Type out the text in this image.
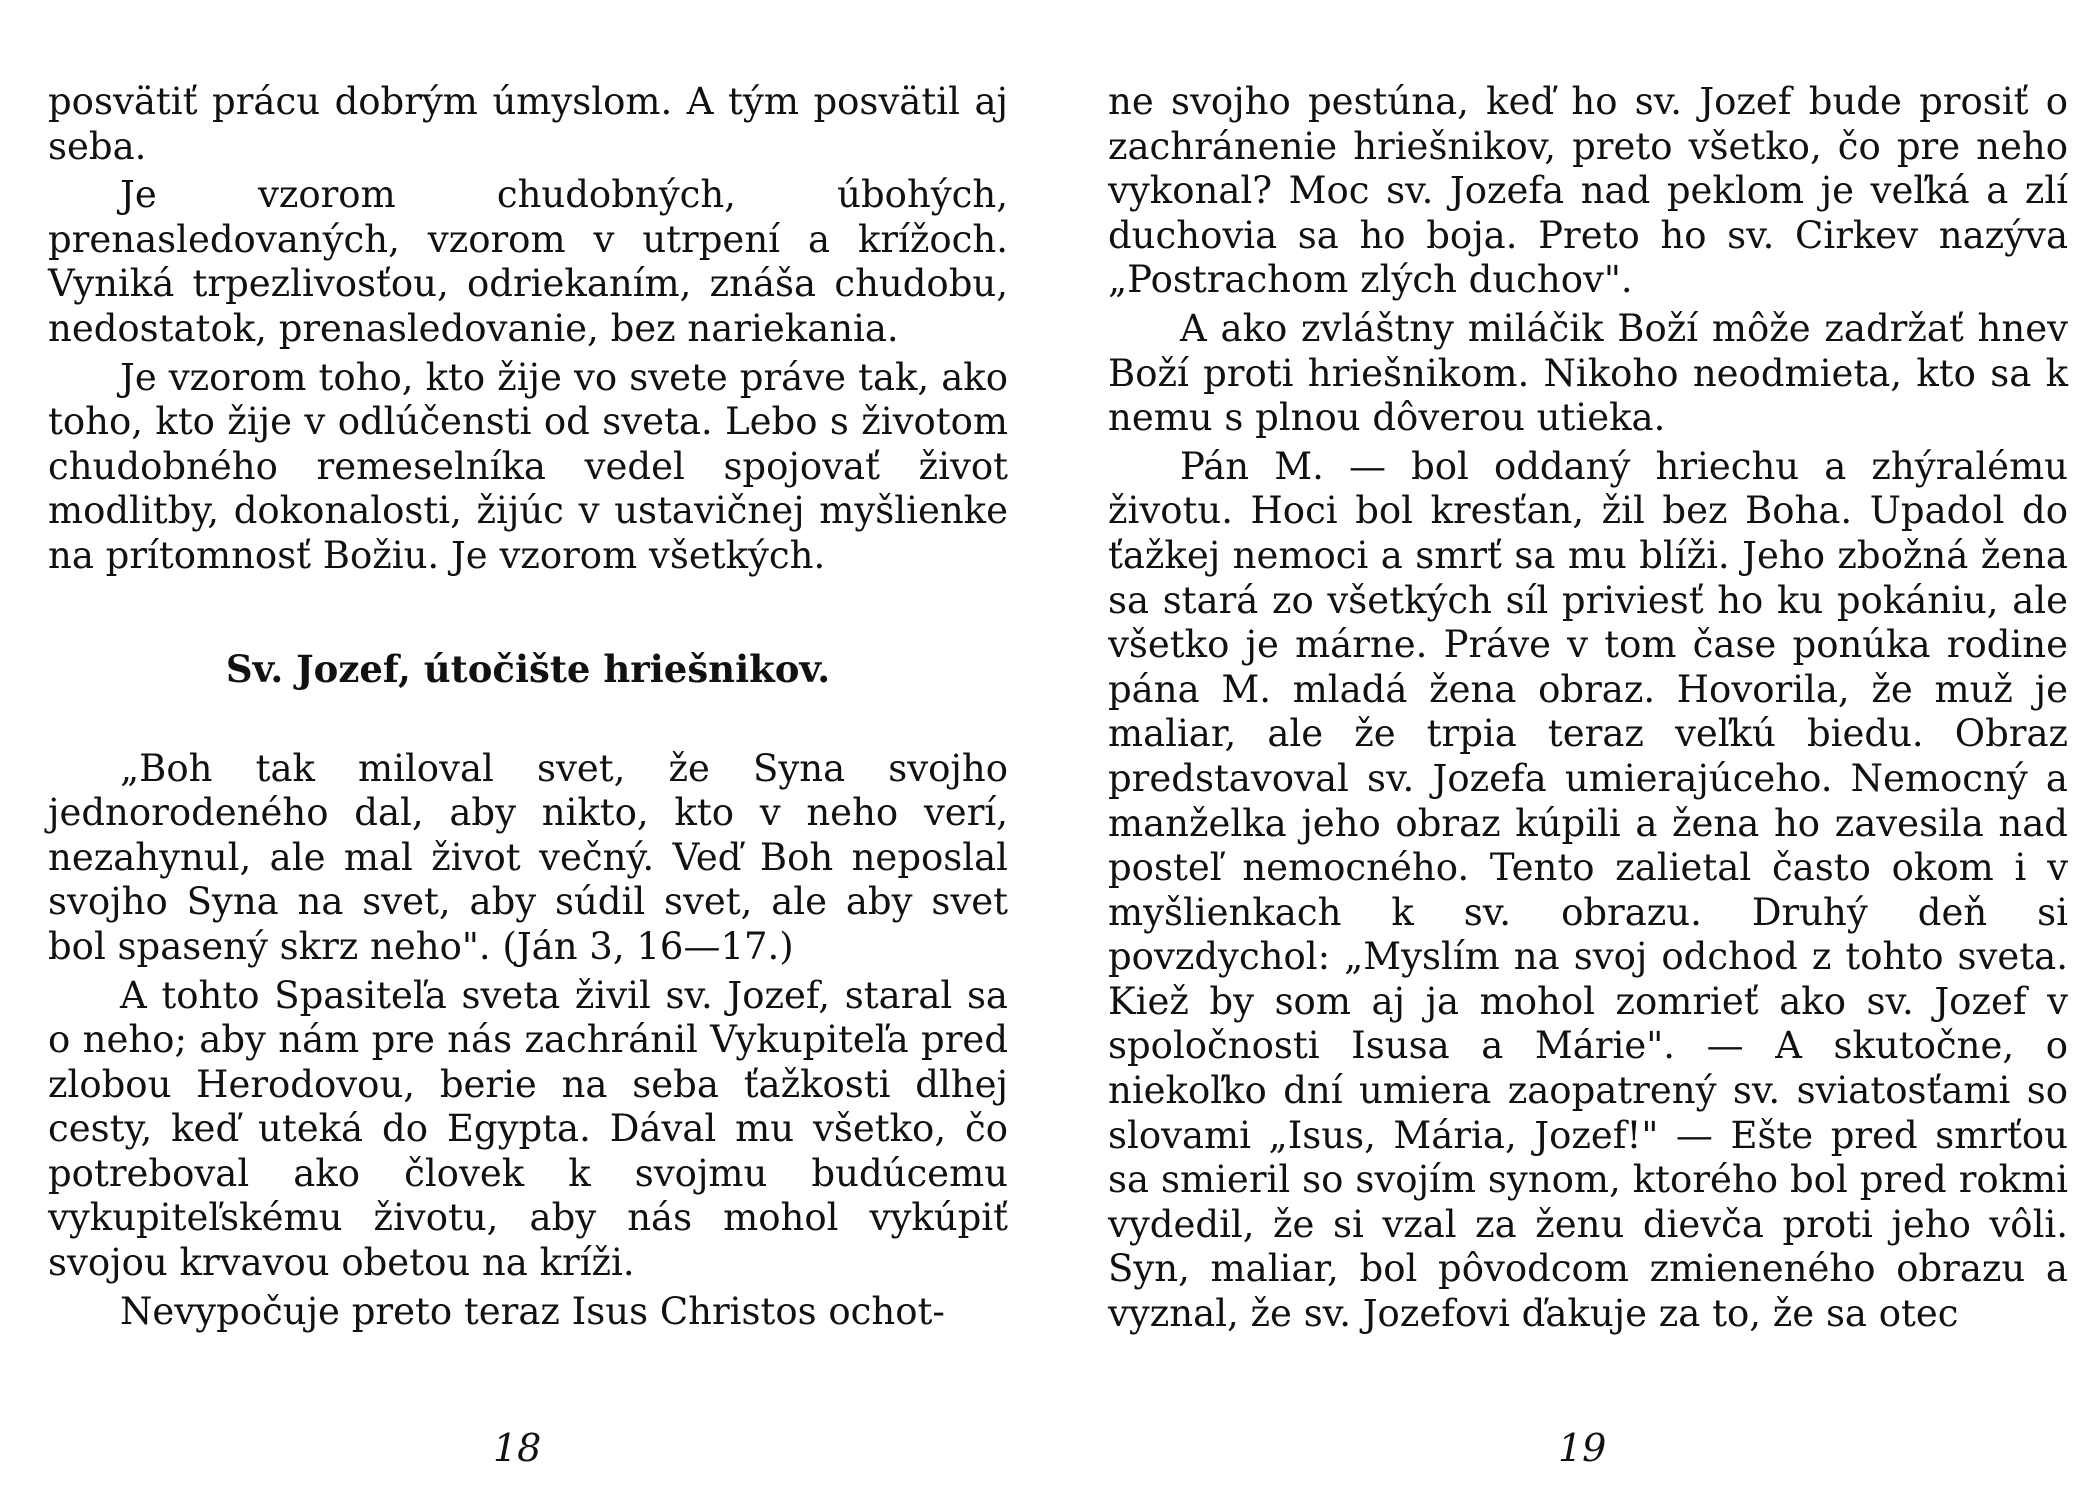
posvätiť prácu dobrým úmyslom. A tým posvätil aj seba.

Je vzorom chudobných, úbohých, prenasledovaných, vzorom v utrpení a krížoch. Vyniká trpezlivosťou, odriekaním, znáša chudobu, nedostatok, prenasledovanie, bez nariekania.

Je vzorom toho, kto žije vo svete práve tak, ako toho, kto žije v odlúčensti od sveta. Lebo s životom chudobného remeselníka vedel spojovať život modlitby, dokonalosti, žijúc v ustavičnej myšlienke na prítomnosť Božiu. Je vzorom všetkých.

Sv. Jozef, útočište hriešnikov.

„Boh tak miloval svet, že Syna svojho jednorodeného dal, aby nikto, kto v neho verí, nezahynul, ale mal život večný. Veď Boh neposlal svojho Syna na svet, aby súdil svet, ale aby svet bol spasený skrz neho". (Ján 3, 16—17.)

A tohto Spasiteľa sveta živil sv. Jozef, staral sa o neho; aby nám pre nás zachránil Vykupiteľa pred zlobou Herodovou, berie na seba ťažkosti dlhej cesty, keď uteká do Egypta. Dával mu všetko, čo potreboval ako človek k svojmu budúcemu vykupiteľskému životu, aby nás mohol vykúpiť svojou krvavou obetou na kríži.

Nevypočuje preto teraz Isus Christos ochot-

ne svojho pestúna, keď ho sv. Jozef bude prosiť o zachránenie hriešnikov, preto všetko, čo pre neho vykonal? Moc sv. Jozefa nad peklom je veľká a zlí duchovia sa ho boja. Preto ho sv. Cirkev nazýva „Postrachom zlých duchov".

A ako zvláštny miláčik Boží môže zadržať hnev Boží proti hriešnikom. Nikoho neodmieta, kto sa k nemu s plnou dôverou utieka.

Pán M. — bol oddaný hriechu a zhýralému životu. Hoci bol kresťan, žil bez Boha. Upadol do ťažkej nemoci a smrť sa mu blíži. Jeho zbožná žena sa stará zo všetkých síl priviesť ho ku pokániu, ale všetko je márne. Práve v tom čase ponúka rodine pána M. mladá žena obraz. Hovorila, že muž je maliar, ale že trpia teraz veľkú biedu. Obraz predstavoval sv. Jozefa umierajúceho. Nemocný a manželka jeho obraz kúpili a žena ho zavesila nad posteľ nemocného. Tento zalietal často okom i v myšlienkach k sv. obrazu. Druhý deň si povzdychol: „Myslím na svoj odchod z tohto sveta. Kiež by som aj ja mohol zomrieť ako sv. Jozef v spoločnosti Isusa a Márie". — A skutočne, o niekoľko dní umiera zaopatrený sv. sviatosťami so slovami „Isus, Mária, Jozef!" — Ešte pred smrťou sa smieril so svojím synom, ktorého bol pred rokmi vydedil, že si vzal za ženu dievča proti jeho vôli. Syn, maliar, bol pôvodcom zmieneného obrazu a vyznal, že sv. Jozefovi ďakuje za to, že sa otec

18	19
